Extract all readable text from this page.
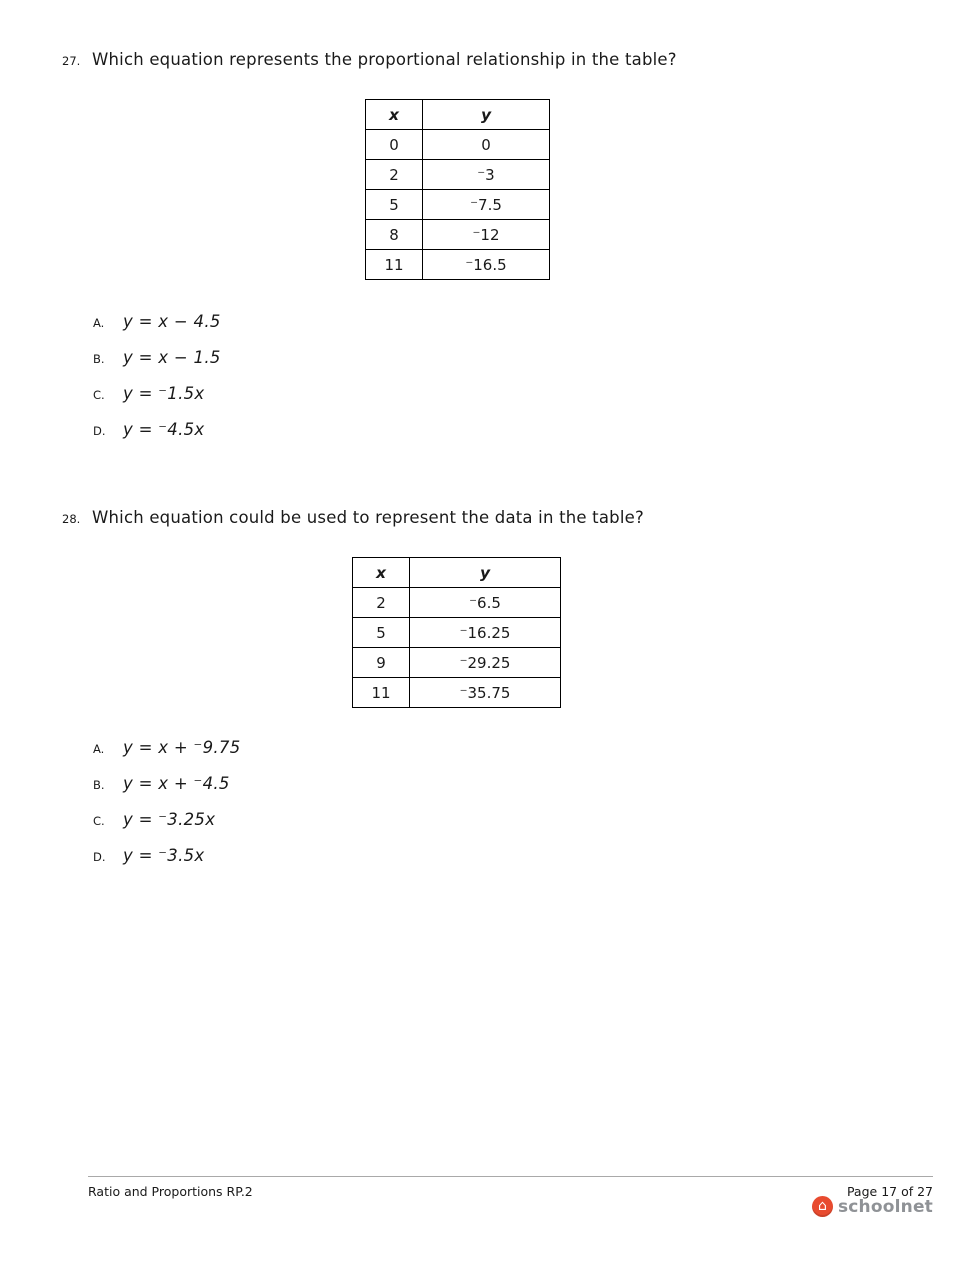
27. Which equation represents the proportional relationship in the table?
x	y
0	0
2	⁻3
5	⁻7.5
8	⁻12
11	⁻16.5
A.	y = x − 4.5
B.	y = x − 1.5
C.	y = ⁻1.5x
D.	y = ⁻4.5x
28. Which equation could be used to represent the data in the table?
x	y
2	⁻6.5
5	⁻16.25
9	⁻29.25
11	⁻35.75
A.	y = x + ⁻9.75
B.	y = x + ⁻4.5
C.	y = ⁻3.25x
D.	y = ⁻3.5x
Ratio and Proportions RP.2	Page 17 of 27
⌂ schoolnet
